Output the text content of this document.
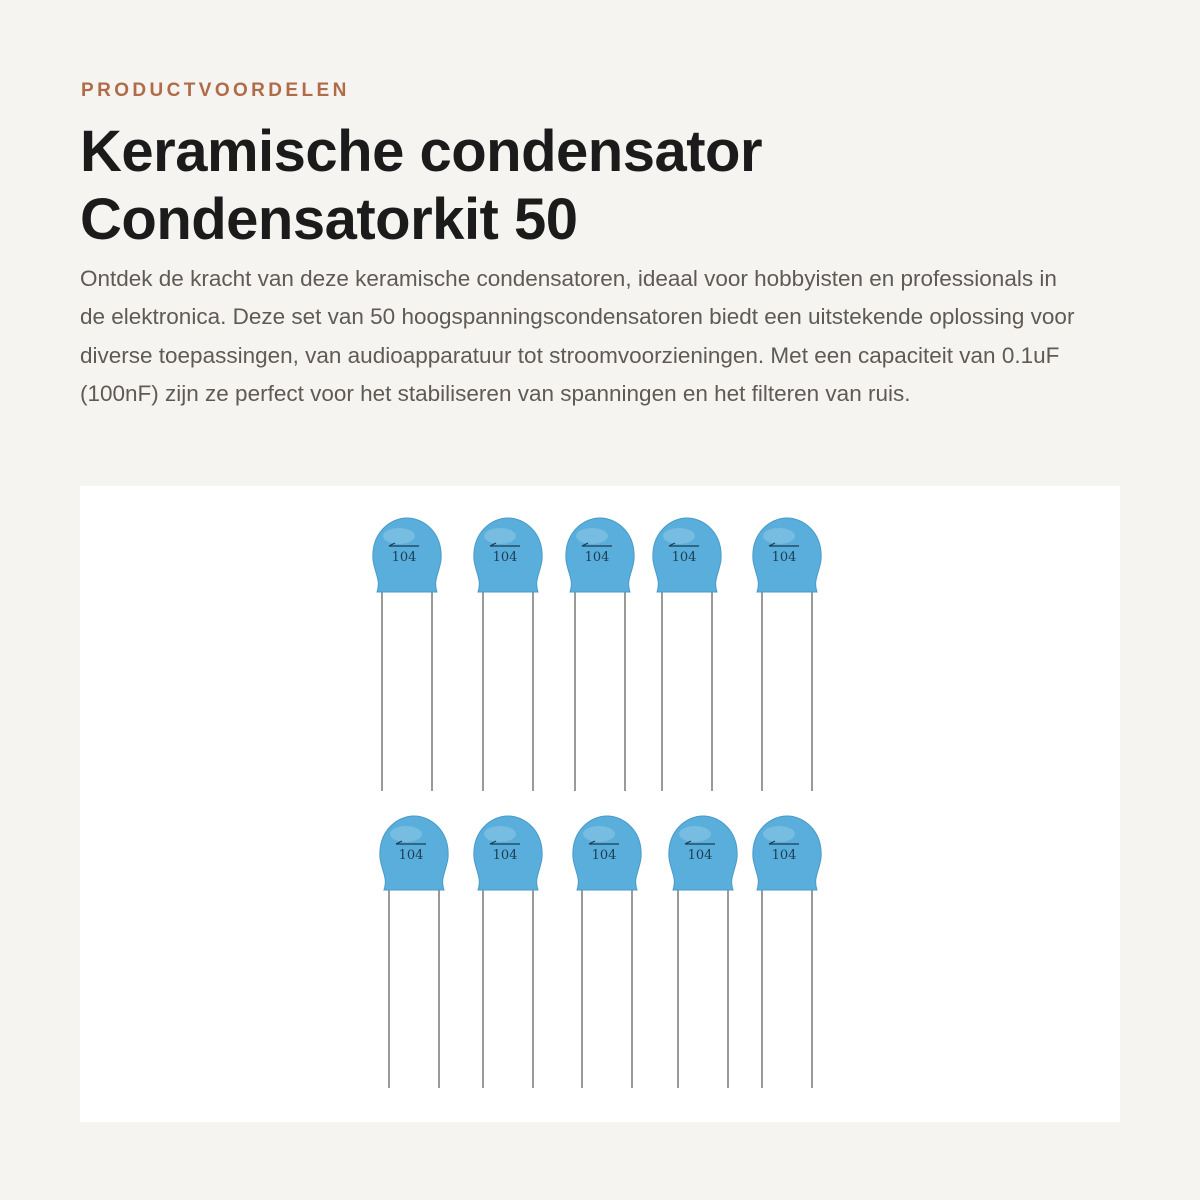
PRODUCTVOORDELEN
Keramische condensator
Condensatorkit 50

Ontdek de kracht van deze keramische condensatoren, ideaal voor hobbyisten en professionals in de elektronica. Deze set van 50 hoogspanningscondensatoren biedt een uitstekende oplossing voor diverse toepassingen, van audioapparatuur tot stroomvoorzieningen. Met een capaciteit van 0.1uF (100nF) zijn ze perfect voor het stabiliseren van spanningen en het filteren van ruis.

104	104	104	104	104
104	104	104	104	104
